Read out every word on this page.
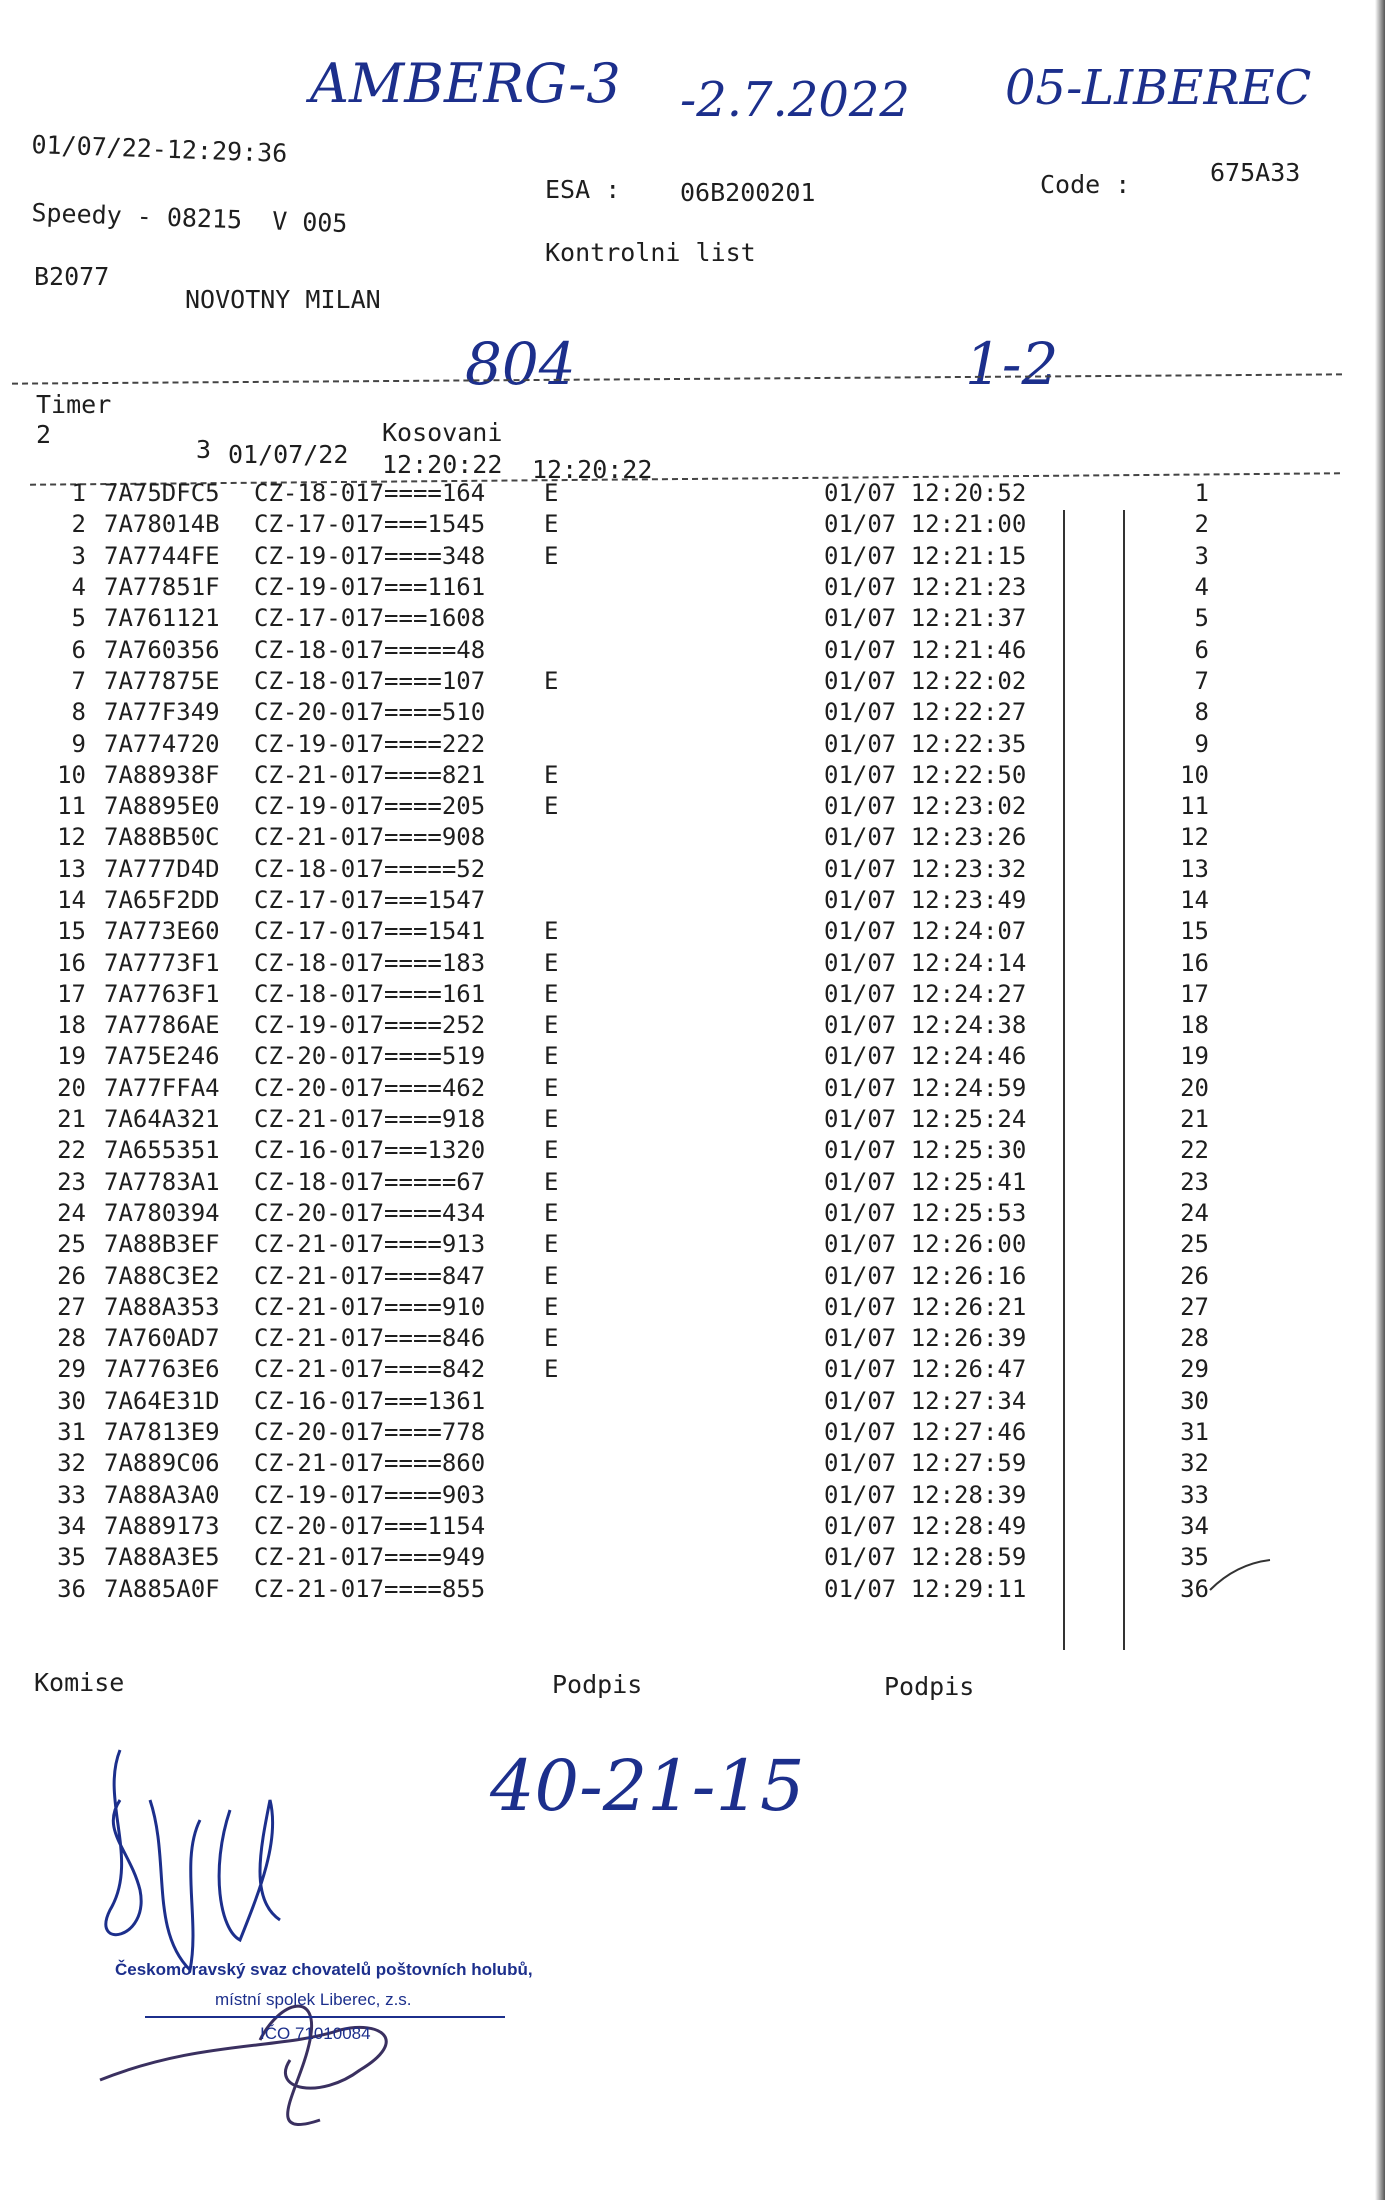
AMBERG-3 -2.7.2022 05-LIBEREC
804	1-2
01/07/22-12:29:36
Speedy - 08215  V 005
B2077
NOVOTNY MILAN
ESA : 06B200201
Kontrolni list
Code :	675A33
Timer
2	Kosovani
3 01/07/22 12:20:22 12:20:22
1	7A75DFC5	CZ-18-017====164	E	01/07 12:20:52		1
2	7A78014B	CZ-17-017===1545	E	01/07 12:21:00		2
3	7A7744FE	CZ-19-017====348	E	01/07 12:21:15		3
4	7A77851F	CZ-19-017===1161		01/07 12:21:23		4
5	7A761121	CZ-17-017===1608		01/07 12:21:37		5
6	7A760356	CZ-18-017=====48		01/07 12:21:46		6
7	7A77875E	CZ-18-017====107	E	01/07 12:22:02		7
8	7A77F349	CZ-20-017====510		01/07 12:22:27		8
9	7A774720	CZ-19-017====222		01/07 12:22:35		9
10	7A88938F	CZ-21-017====821	E	01/07 12:22:50		10
11	7A8895E0	CZ-19-017====205	E	01/07 12:23:02		11
12	7A88B50C	CZ-21-017====908		01/07 12:23:26		12
13	7A777D4D	CZ-18-017=====52		01/07 12:23:32		13
14	7A65F2DD	CZ-17-017===1547		01/07 12:23:49		14
15	7A773E60	CZ-17-017===1541	E	01/07 12:24:07		15
16	7A7773F1	CZ-18-017====183	E	01/07 12:24:14		16
17	7A7763F1	CZ-18-017====161	E	01/07 12:24:27		17
18	7A7786AE	CZ-19-017====252	E	01/07 12:24:38		18
19	7A75E246	CZ-20-017====519	E	01/07 12:24:46		19
20	7A77FFA4	CZ-20-017====462	E	01/07 12:24:59		20
21	7A64A321	CZ-21-017====918	E	01/07 12:25:24		21
22	7A655351	CZ-16-017===1320	E	01/07 12:25:30		22
23	7A7783A1	CZ-18-017=====67	E	01/07 12:25:41		23
24	7A780394	CZ-20-017====434	E	01/07 12:25:53		24
25	7A88B3EF	CZ-21-017====913	E	01/07 12:26:00		25
26	7A88C3E2	CZ-21-017====847	E	01/07 12:26:16		26
27	7A88A353	CZ-21-017====910	E	01/07 12:26:21		27
28	7A760AD7	CZ-21-017====846	E	01/07 12:26:39		28
29	7A7763E6	CZ-21-017====842	E	01/07 12:26:47		29
30	7A64E31D	CZ-16-017===1361		01/07 12:27:34		30
31	7A7813E9	CZ-20-017====778		01/07 12:27:46		31
32	7A889C06	CZ-21-017====860		01/07 12:27:59		32
33	7A88A3A0	CZ-19-017====903		01/07 12:28:39		33
34	7A889173	CZ-20-017===1154		01/07 12:28:49		34
35	7A88A3E5	CZ-21-017====949		01/07 12:28:59		35
36	7A885A0F	CZ-21-017====855		01/07 12:29:11		36
Komise	Podpis	Podpis
40-21-15
Českomoravský svaz chovatelů poštovních holubů,
místní spolek Liberec, z.s.
IČO 71010084
